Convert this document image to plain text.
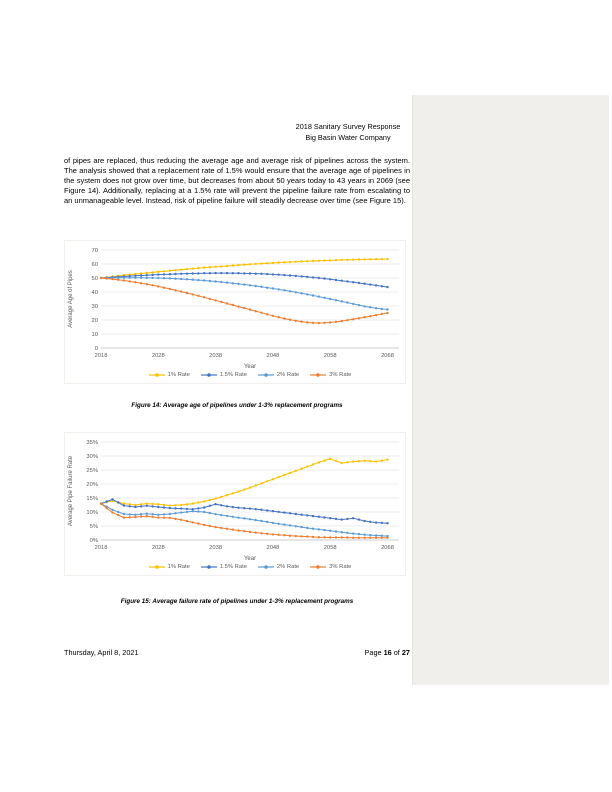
2018 Sanitary Survey Response
Big Basin Water Company

of pipes are replaced, thus reducing the average age and average risk of pipelines across the system. The analysis showed that a replacement rate of 1.5% would ensure that the average age of pipelines in the system does not grow over time, but decreases from about 50 years today to 43 years in 2069 (see Figure 14). Additionally, replacing at a 1.5% rate will prevent the pipeline failure rate from escalating to an unmanageable level. Instead, risk of pipeline failure will steadily decrease over time (see Figure 15).

0
10
20
30
40
50
60
70
2018	2028	2038	2048	2058	2068
Year
Average Age of Pipes
1% Rate	1.5% Rate	2% Rate	3% Rate
Figure 14: Average age of pipelines under 1-3% replacement programs
0%
5%
10%
15%
20%
25%
30%
35%
2018	2028	2038	2048	2058	2068
Year
Average Pipe Failure Rate
1% Rate	1.5% Rate	2% Rate	3% Rate
Figure 15: Average failure rate of pipelines under 1-3% replacement programs
Thursday, April 8, 2021	Page 16 of 27
